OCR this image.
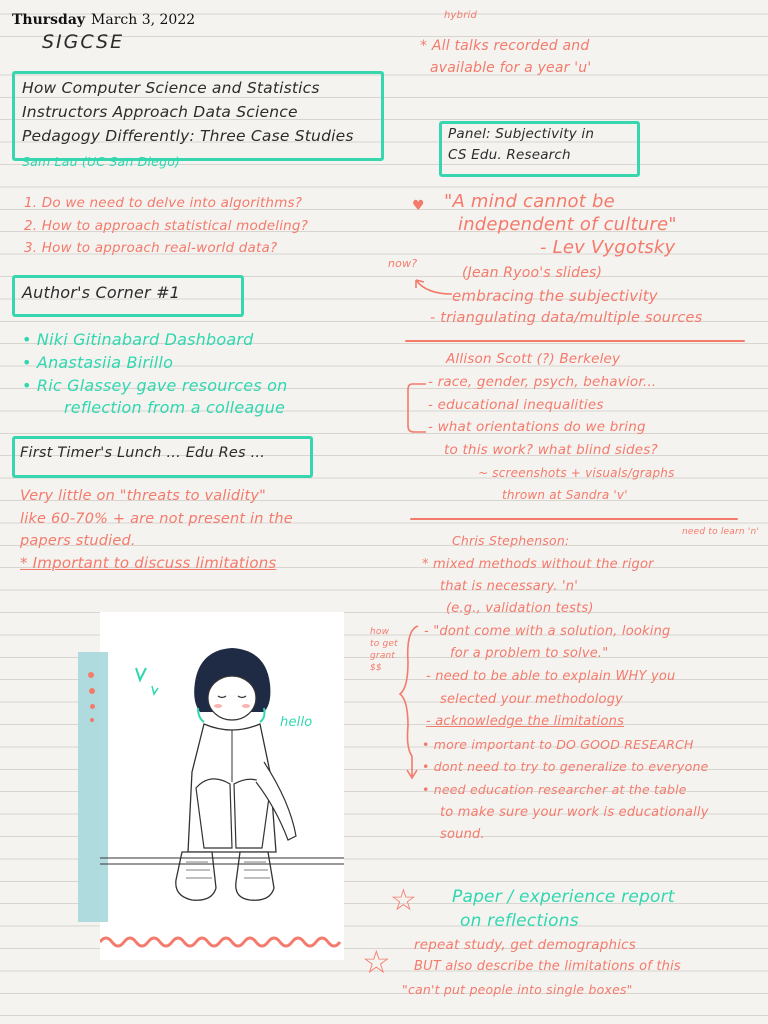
Thursday March 3, 2022
SIGCSE
How Computer Science and Statistics
Instructors Approach Data Science
Pedagogy Differently: Three Case Studies
Sam Lau (UC San Diego)
1. Do we need to delve into algorithms?
2. How to approach statistical modeling?
3. How to approach real-world data?
Author's Corner #1
• Niki Gitinabard Dashboard
• Anastasiia Birillo
• Ric Glassey gave resources on
reflection from a colleague
First Timer's Lunch ... Edu Res ...
Very little on "threats to validity"
like 60-70% + are not present in the
papers studied.
* Important to discuss limitations
hello
hybrid
* All talks recorded and
available for a year 'u'
Panel: Subjectivity in
CS Edu. Research
♥ "A mind cannot be
independent of culture"
- Lev Vygotsky
now?
(Jean Ryoo's slides)
embracing the subjectivity
- triangulating data/multiple sources
Allison Scott (?) Berkeley
- race, gender, psych, behavior...
- educational inequalities
- what orientations do we bring
to this work? what blind sides?
~ screenshots + visuals/graphs
thrown at Sandra 'v'
Chris Stephenson:
need to learn 'n'
* mixed methods without the rigor
that is necessary. 'n'
(e.g., validation tests)
- "dont come with a solution, looking
for a problem to solve."
- need to be able to explain WHY you
selected your methodology
- acknowledge the limitations
• more important to DO GOOD RESEARCH
• dont need to try to generalize to everyone
• need education researcher at the table
to make sure your work is educationally
sound.
how
to get
grant
$$
☆
☆
Paper / experience report
on reflections
repeat study, get demographics
BUT also describe the limitations of this
"can't put people into single boxes"
